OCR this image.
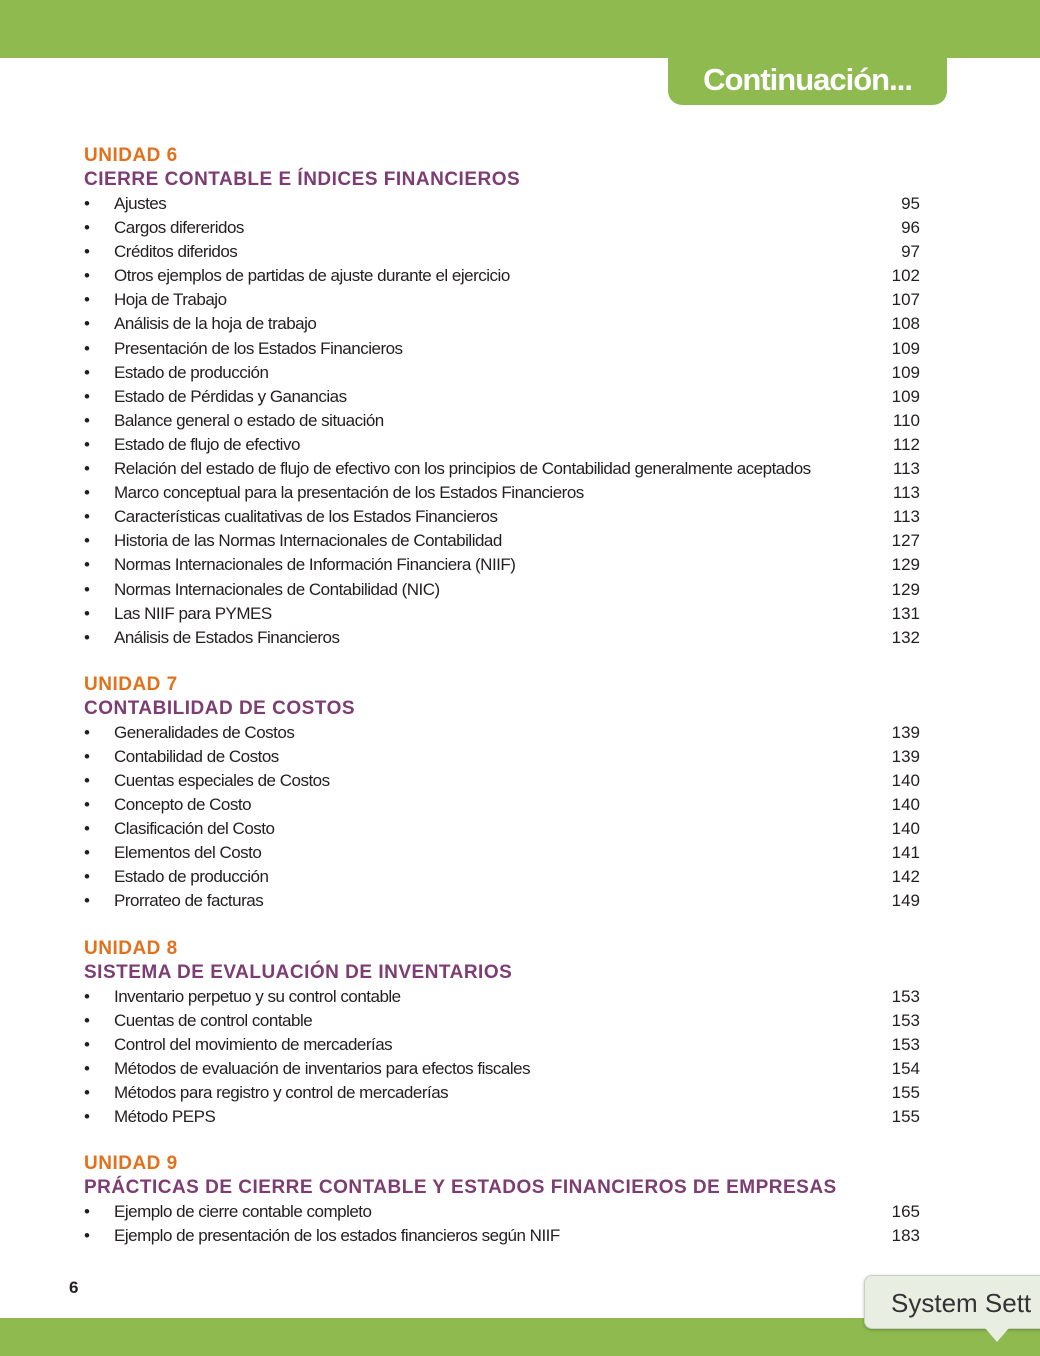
Continuación...
UNIDAD 6
CIERRE CONTABLE E ÍNDICES FINANCIEROS
• Ajustes	95
• Cargos difereridos	96
• Créditos diferidos	97
• Otros ejemplos de partidas de ajuste durante el ejercicio	102
• Hoja de Trabajo	107
• Análisis de la hoja de trabajo	108
• Presentación de los Estados Financieros	109
• Estado de producción	109
• Estado de Pérdidas y Ganancias	109
• Balance general o estado de situación	110
• Estado de flujo de efectivo	112
• Relación del estado de flujo de efectivo con los principios de Contabilidad generalmente aceptados	113
• Marco conceptual para la presentación de los Estados Financieros	113
• Características cualitativas de los Estados Financieros	113
• Historia de las Normas Internacionales de Contabilidad	127
• Normas Internacionales de Información Financiera (NIIF)	129
• Normas Internacionales de Contabilidad (NIC)	129
• Las NIIF para PYMES	131
• Análisis de Estados Financieros	132
UNIDAD 7
CONTABILIDAD DE COSTOS
• Generalidades de Costos	139
• Contabilidad de Costos	139
• Cuentas especiales de Costos	140
• Concepto de Costo	140
• Clasificación del Costo	140
• Elementos del Costo	141
• Estado de producción	142
• Prorrateo de facturas	149
UNIDAD 8
SISTEMA DE EVALUACIÓN DE INVENTARIOS
• Inventario perpetuo y su control contable	153
• Cuentas de control contable	153
• Control del movimiento de mercaderías	153
• Métodos de evaluación de inventarios para efectos fiscales	154
• Métodos para registro y control de mercaderías	155
• Método PEPS	155
UNIDAD 9
PRÁCTICAS DE CIERRE CONTABLE Y ESTADOS FINANCIEROS DE EMPRESAS
• Ejemplo de cierre contable completo	165
• Ejemplo de presentación de los estados financieros según NIIF	183
6
System Sett
